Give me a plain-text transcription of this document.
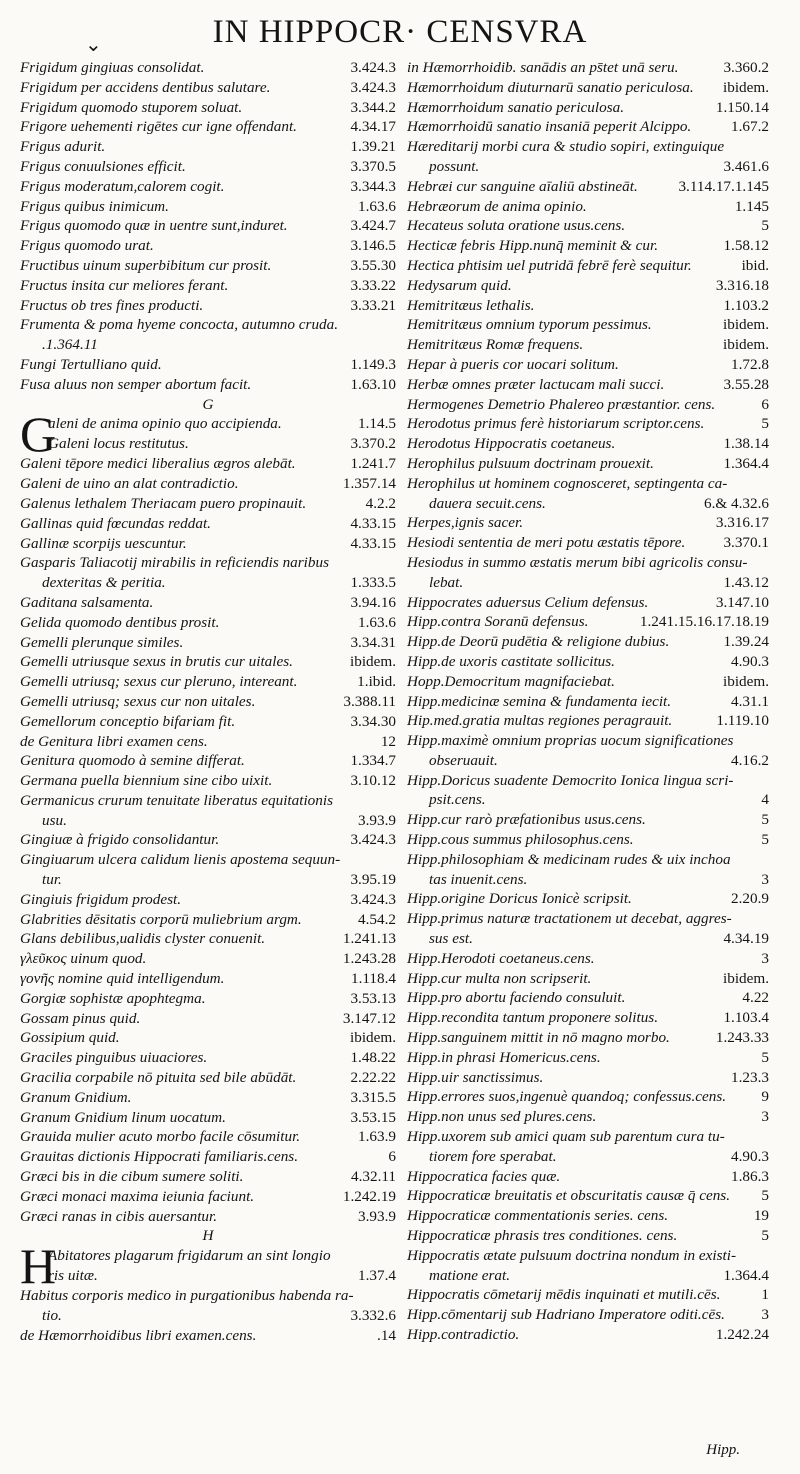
⌄	IN HIPPOCR· CENSVRA
Frigidum gingiuas consolidat.	3.424.3
Frigidum per accidens dentibus salutare.	3.424.3
Frigidum quomodo stuporem soluat.	3.344.2
Frigore uehementi rigētes cur igne offendant.	4.34.17
Frigus adurit.	1.39.21
Frigus conuulsiones efficit.	3.370.5
Frigus moderatum,calorem cogit.	3.344.3
Frigus quibus inimicum.	1.63.6
Frigus quomodo quæ in uentre sunt,induret.	3.424.7
Frigus quomodo urat.	3.146.5
Fructibus uinum superbibitum cur prosit.	3.55.30
Fructus insita cur meliores ferant.	3.33.22
Fructus ob tres fines producti.	3.33.21
Frumenta & poma hyeme concocta, autumno cruda.
.1.364.11
Fungi Tertulliano quid.	1.149.3
Fusa aluus non semper abortum facit.	1.63.10
G
G
aleni de anima opinio quo accipienda.	1.14.5
Galeni locus restitutus.	3.370.2
Galeni tēpore medici liberalius ægros alebāt.	1.241.7
Galeni de uino an alat contradictio.	1.357.14
Galenus lethalem Theriacam puero propinauit.	4.2.2
Gallinas quid fœcundas reddat.	4.33.15
Gallinæ scorpijs uescuntur.	4.33.15
Gasparis Taliacotij mirabilis in reficiendis naribus
dexteritas & peritia.	1.333.5
Gaditana salsamenta.	3.94.16
Gelida quomodo dentibus prosit.	1.63.6
Gemelli plerunque similes.	3.34.31
Gemelli utriusque sexus in brutis cur uitales.	ibidem.
Gemelli utriusq; sexus cur pleruno, intereant.	1.ibid.
Gemelli utriusq; sexus cur non uitales.	3.388.11
Gemellorum conceptio bifariam fit.	3.34.30
de Genitura libri examen cens.	12
Genitura quomodo à semine differat.	1.334.7
Germana puella biennium sine cibo uixit.	3.10.12
Germanicus crurum tenuitate liberatus equitationis
usu.	3.93.9
Gingiuæ à frigido consolidantur.	3.424.3
Gingiuarum ulcera calidum lienis apostema sequun-
tur.	3.95.19
Gingiuis frigidum prodest.	3.424.3
Glabrities dēsitatis corporū muliebrium argm.	4.54.2
Glans debilibus,ualidis clyster conuenit.	1.241.13
γλεῦκος uinum quod.	1.243.28
γονῆς nomine quid intelligendum.	1.118.4
Gorgiæ sophistæ apophtegma.	3.53.13
Gossam pinus quid.	3.147.12
Gossipium quid.	ibidem.
Graciles pinguibus uiuaciores.	1.48.22
Gracilia corpabile nō pituita sed bile abūdāt.	2.22.22
Granum Gnidium.	3.315.5
Granum Gnidium linum uocatum.	3.53.15
Grauida mulier acuto morbo facile cōsumitur.	1.63.9
Grauitas dictionis Hippocrati familiaris.cens.	6
Græci bis in die cibum sumere soliti.	4.32.11
Græci monaci maxima ieiunia faciunt.	1.242.19
Græci ranas in cibis auersantur.	3.93.9
H
H
Abitatores plagarum frigidarum an sint longio
ris uitæ.	1.37.4
Habitus corporis medico in purgationibus habenda ra-
tio.	3.332.6
de Hæmorrhoidibus libri examen.cens.	.14
in Hæmorrhoidib. sanādis an ps̄tet unā seru.	3.360.2
Hæmorrhoidum diuturnarū sanatio periculosa. ibidem.
Hæmorrhoidum sanatio periculosa.	1.150.14
Hæmorrhoidū sanatio insaniā peperit Alcippo.	1.67.2
Hæreditarij morbi cura & studio sopiri, extinguique
possunt.	3.461.6
Hebræi cur sanguine aīaliū abstineāt.	3.114.17.1.145
Hebræorum de anima opinio.	1.145
Hecateus soluta oratione usus.cens.	5
Hecticæ febris Hipp.nunq̄ meminit & cur.	1.58.12
Hectica phtisim uel putridā febrē ferè sequitur.	ibid.
Hedysarum quid.	3.316.18
Hemitritæus lethalis.	1.103.2
Hemitritæus omnium typorum pessimus.	ibidem.
Hemitritæus Romæ frequens.	ibidem.
Hepar à pueris cor uocari solitum.	1.72.8
Herbæ omnes præter lactucam mali succi.	3.55.28
Hermogenes Demetrio Phalereo præstantior. cens.	6
Herodotus primus ferè historiarum scriptor.cens.	5
Herodotus Hippocratis coetaneus.	1.38.14
Herophilus pulsuum doctrinam prouexit.	1.364.4
Herophilus ut hominem cognosceret, septingenta ca-
dauera secuit.cens.	6.& 4.32.6
Herpes,ignis sacer.	3.316.17
Hesiodi sententia de meri potu æstatis tēpore.	3.370.1
Hesiodus in summo æstatis merum bibi agricolis consu-
lebat.	1.43.12
Hippocrates aduersus Celium defensus.	3.147.10
Hipp.contra Soranū defensus.	1.241.15.16.17.18.19
Hipp.de Deorū pudētia & religione dubius.	1.39.24
Hipp.de uxoris castitate sollicitus.	4.90.3
Hopp.Democritum magnifaciebat.	ibidem.
Hipp.medicinæ semina & fundamenta iecit.	4.31.1
Hip.med.gratia multas regiones peragrauit.	1.119.10
Hipp.maximè omnium proprias uocum significationes
obseruauit.	4.16.2
Hipp.Doricus suadente Democrito Ionica lingua scri-
psit.cens.	4
Hipp.cur rarò præfationibus usus.cens.	5
Hipp.cous summus philosophus.cens.	5
Hipp.philosophiam & medicinam rudes & uix inchoa
tas inuenit.cens.	3
Hipp.origine Doricus Ionicè scripsit.	2.20.9
Hipp.primus naturæ tractationem ut decebat, aggres-
sus est.	4.34.19
Hipp.Herodoti coetaneus.cens.	3
Hipp.cur multa non scripserit.	ibidem.
Hipp.pro abortu faciendo consuluit.	4.22
Hipp.recondita tantum proponere solitus.	1.103.4
Hipp.sanguinem mittit in nō magno morbo.	1.243.33
Hipp.in phrasi Homericus.cens.	5
Hipp.uir sanctissimus.	1.23.3
Hipp.errores suos,ingenuè quandoq; confessus.cens. 9
Hipp.non unus sed plures.cens.	3
Hipp.uxorem sub amici quam sub parentum cura tu-
tiorem fore sperabat.	4.90.3
Hippocratica facies quæ.	1.86.3
Hippocraticæ breuitatis et obscuritatis causæ q̄ cens. 5
Hippocraticæ commentationis series. cens.	19
Hippocraticæ phrasis tres conditiones. cens.	5
Hippocratis ætate pulsuum doctrina nondum in existi-
matione erat.	1.364.4
Hippocratis cōmetarij mēdis inquinati et mutili.cēs.	1
Hipp.cōmentarij sub Hadriano Imperatore oditi.cēs. 3
Hipp.contradictio.	1.242.24
Hipp.
